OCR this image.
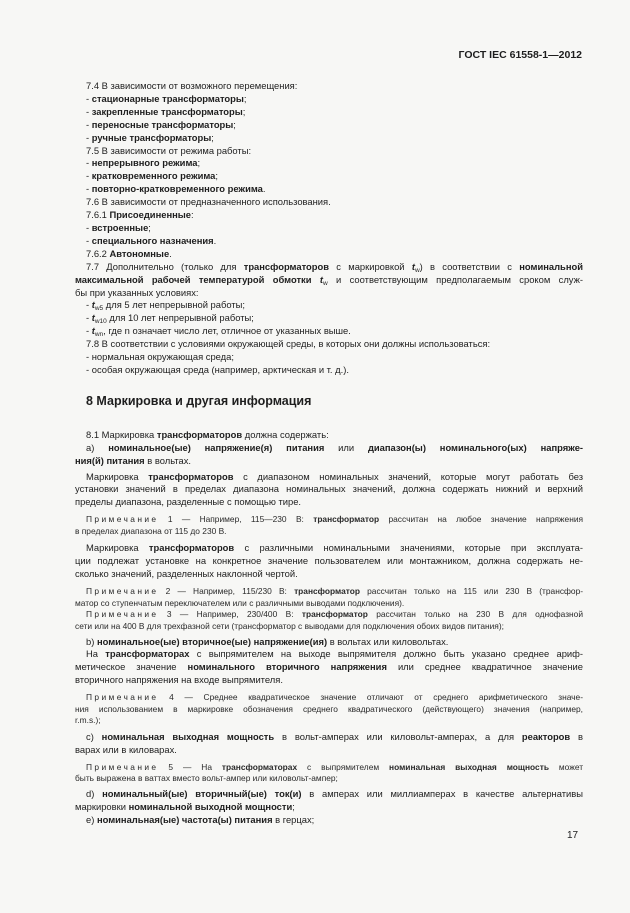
ГОСТ IEC 61558-1—2012
7.4 В зависимости от возможного перемещения:
- стационарные трансформаторы;
- закрепленные трансформаторы;
- переносные трансформаторы;
- ручные трансформаторы;
7.5 В зависимости от режима работы:
- непрерывного режима;
- кратковременного режима;
- повторно-кратковременного режима.
7.6 В зависимости от предназначенного использования.
7.6.1 Присоединенные:
- встроенные;
- специального назначения.
7.6.2 Автономные.
7.7 Дополнительно (только для трансформаторов с маркировкой $t_w$) в соответствии с номинальной
максимальной рабочей температурой обмотки $t_w$ и соответствующим предполагаемым сроком служ-
бы при указанных условиях:
- $t_{w5}$ для 5 лет непрерывной работы;
- $t_{w10}$ для 10 лет непрерывной работы;
- $t_{wn}$, где n означает число лет, отличное от указанных выше.
7.8 В соответствии с условиями окружающей среды, в которых они должны использоваться:
- нормальная окружающая среда;
- особая окружающая среда (например, арктическая и т. д.).
8 Маркировка и другая информация
8.1 Маркировка трансформаторов должна содержать:
a) номинальное(ые) напряжение(я) питания или диапазон(ы) номинального(ых) напряже-
ния(й) питания в вольтах.
Маркировка трансформаторов с диапазоном номинальных значений, которые могут работать без
установки значений в пределах диапазона номинальных значений, должна содержать нижний и верхний
пределы диапазона, разделенные с помощью тире.
Примечание 1 — Например, 115—230 В: трансформатор рассчитан на любое значение напряжения
в пределах диапазона от 115 до 230 В.
Маркировка трансформаторов с различными номинальными значениями, которые при эксплуата-
ции подлежат установке на конкретное значение пользователем или монтажником, должна содержать не-
сколько значений, разделенных наклонной чертой.
Примечание 2 — Например, 115/230 В: трансформатор рассчитан только на 115 или 230 В (трансфор-
матор со ступенчатым переключателем или с различными выводами подключения).
Примечание 3 — Например, 230/400 В: трансформатор рассчитан только на 230 В для однофазной
сети или на 400 В для трехфазной сети (трансформатор с выводами для подключения обоих видов питания);
b) номинальное(ые) вторичное(ые) напряжение(ия) в вольтах или киловольтах.
На трансформаторах с выпрямителем на выходе выпрямителя должно быть указано среднее ариф-
метическое значение номинального вторичного напряжения или среднее квадратичное значение
вторичного напряжения на входе выпрямителя.
Примечание 4 — Среднее квадратическое значение отличают от среднего арифметического значе-
ния использованием в маркировке обозначения среднего квадратического (действующего) значения (например,
r.m.s.);
c) номинальная выходная мощность в вольт-амперах или киловольт-амперах, а для реакторов в
варах или в киловарах.
Примечание 5 — На трансформаторах с выпрямителем номинальная выходная мощность может
быть выражена в ваттах вместо вольт-ампер или киловольт-ампер;
d) номинальный(ые) вторичный(ые) ток(и) в амперах или миллиамперах в качестве альтернативы
маркировки номинальной выходной мощности;
e) номинальная(ые) частота(ы) питания в герцах;
17
